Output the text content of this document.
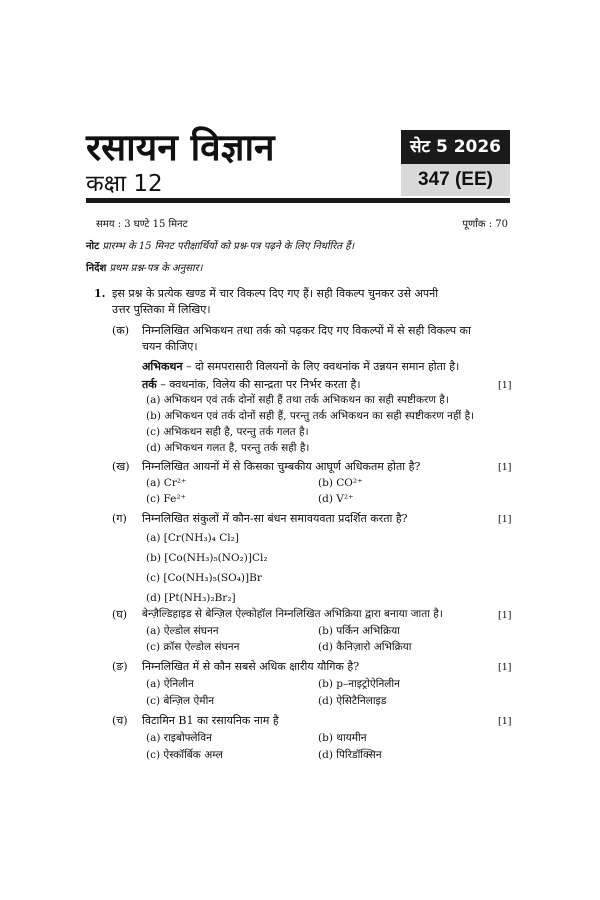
रसायन विज्ञान
कक्षा 12
सेट 5 2026
347 (EE)
समय : 3 घण्टे 15 मिनट	पूर्णांक : 70
नोट प्रारम्भ के 15 मिनट परीक्षार्थियों को प्रश्न-पत्र पढ़ने के लिए निर्धारित हैं।
निर्देश प्रथम प्रश्न-पत्र के अनुसार।
1. इस प्रश्न के प्रत्येक खण्ड में चार विकल्प दिए गए हैं। सही विकल्प चुनकर उसे अपनी
उत्तर पुस्तिका में लिखिए।
(क) निम्नलिखित अभिकथन तथा तर्क को पढ़कर दिए गए विकल्पों में से सही विकल्प का
चयन कीजिए।
अभिकथन – दो समपरासारी विलयनों के लिए क्वथनांक में उन्नयन समान होता है।
तर्क – क्वथनांक, विलेय की सान्द्रता पर निर्भर करता है।	[1]
(a) अभिकथन एवं तर्क दोनों सही हैं तथा तर्क अभिकथन का सही स्पष्टीकरण है।
(b) अभिकथन एवं तर्क दोनों सही हैं, परन्तु तर्क अभिकथन का सही स्पष्टीकरण नहीं है।
(c) अभिकथन सही है, परन्तु तर्क गलत है।
(d) अभिकथन गलत है, परन्तु तर्क सही है।
(ख) निम्नलिखित आयनों में से किसका चुम्बकीय आघूर्ण अधिकतम होता है?	[1]
(a) Cr²⁺	(b) CO²⁺
(c) Fe²⁺	(d) V²⁺
(ग) निम्नलिखित संकुलों में कौन-सा बंधन समावयवता प्रदर्शित करता है?	[1]
(a) [Cr(NH₃)₄ Cl₂]
(b) [Co(NH₃)₅(NO₂)]Cl₂
(c) [Co(NH₃)₅(SO₄)]Br
(d) [Pt(NH₃)₂Br₂]
(घ) बेन्ज़ैल्डिहाइड से बेन्ज़िल ऐल्कोहॉल निम्नलिखित अभिक्रिया द्वारा बनाया जाता है।	[1]
(a) ऐल्डोल संघनन	(b) पर्किन अभिक्रिया
(c) क्रॉस ऐल्डोल संघनन	(d) कैनिज़ारो अभिक्रिया
(ङ) निम्नलिखित में से कौन सबसे अधिक क्षारीय यौगिक है?	[1]
(a) ऐनिलीन	(b) p–नाइट्रोऐनिलीन
(c) बेन्ज़िल ऐमीन	(d) ऐसिटैनिलाइड
(च) विटामिन B1 का रसायनिक नाम है	[1]
(a) राइबोफ्लेविन	(b) थायमीन
(c) ऐस्कॉर्बिक अम्ल	(d) पिरिडॉक्सिन
